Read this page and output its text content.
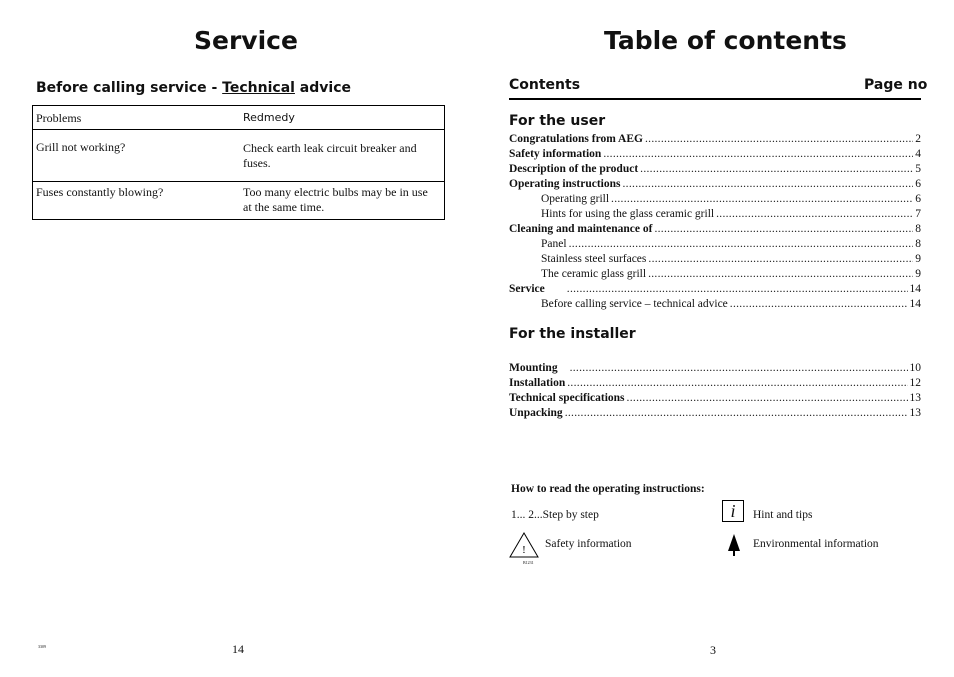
Service
Before calling service - Technical advice
Problems	Redmedy
Grill not working?	Check earth leak circuit breaker and fuses.
Fuses constantly blowing?	Too many electric bulbs may be in use at the same time.
3309	14
Table of contents
Contents	Page no
For the user
Congratulations from AEG .....	2
Safety information .....	4
Description of the product .....	5
Operating instructions .....	6
Operating grill .....	6
Hints for using the glass ceramic grill .....	7
Cleaning and maintenance of .....	8
Panel .....	8
Stainless steel surfaces .....	9
The ceramic glass grill .....	9
Service .....	14
Before calling service – technical advice .....	14
For the installer
Mounting .....	10
Installation .....	12
Technical specifications .....	13
Unpacking .....	13
How to read the operating instructions:
1... 2...Step by step
!
B1231
Safety information
i	Hint and tips
Environmental information
3
